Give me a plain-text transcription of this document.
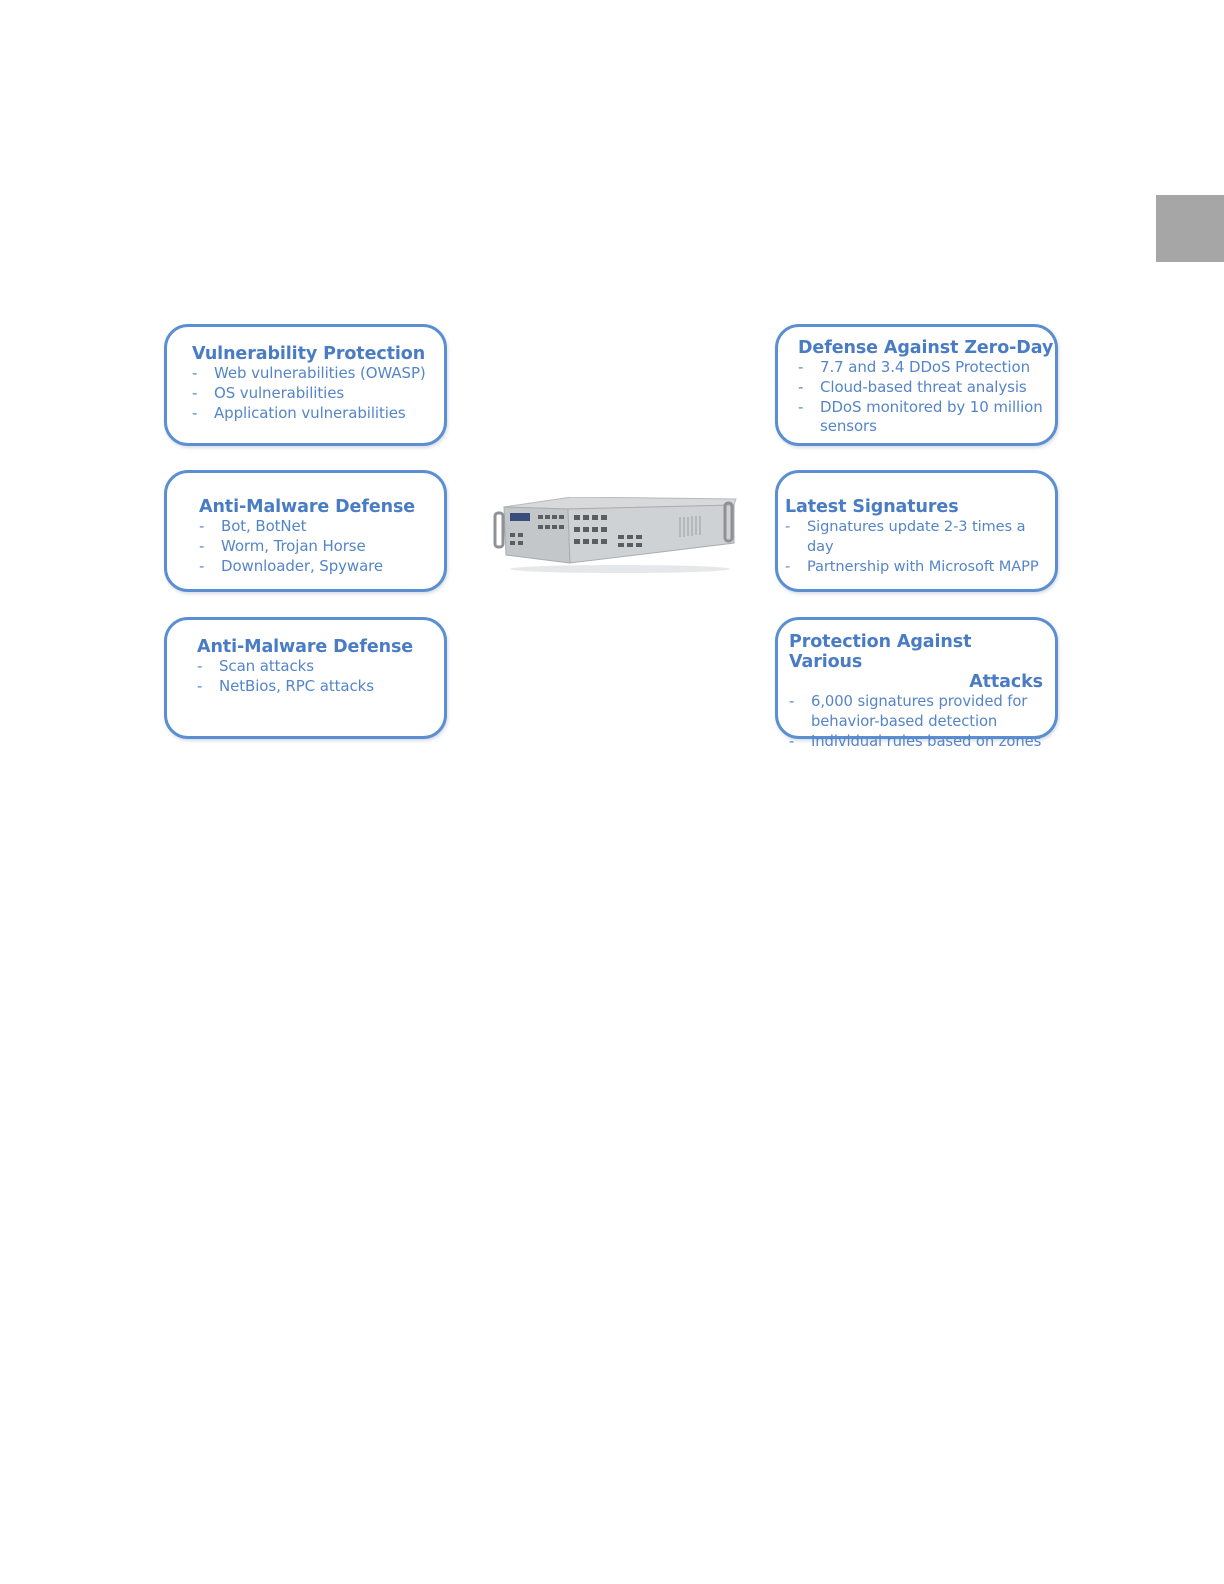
Vulnerability Protection
- Web vulnerabilities (OWASP)
- OS vulnerabilities
- Application vulnerabilities
Anti-Malware Defense
- Bot, BotNet
- Worm, Trojan Horse
- Downloader, Spyware
Anti-Malware Defense
- Scan attacks
- NetBios, RPC attacks
Defense Against Zero-Day
- 7.7 and 3.4 DDoS Protection
- Cloud-based threat analysis
- DDoS monitored by 10 million sensors
Latest Signatures
- Signatures update 2-3 times a day
- Partnership with Microsoft MAPP
Protection Against Various
Attacks
- 6,000 signatures provided for behavior-based detection
- Individual rules based on zones
